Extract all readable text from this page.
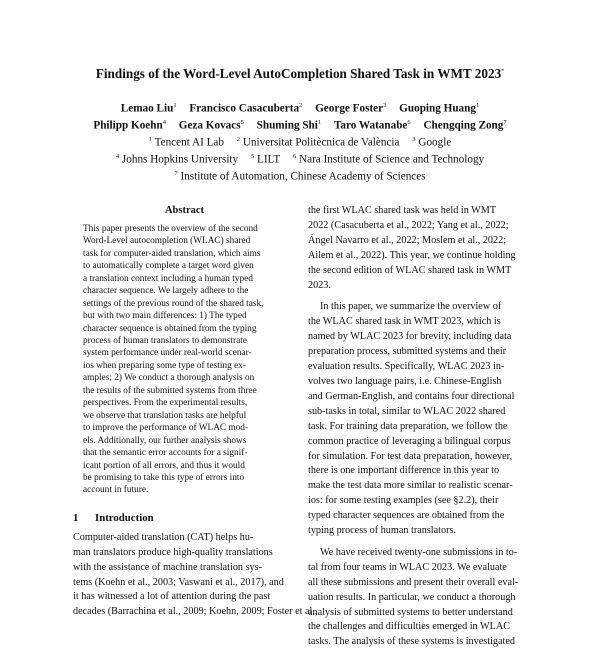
Findings of the Word-Level AutoCompletion Shared Task in WMT 2023*
Lemao Liu$^1$ Francisco Casacuberta$^2$ George Foster$^3$ Guoping Huang$^1$
Philipp Koehn$^4$ Geza Kovacs$^5$ Shuming Shi$^1$ Taro Watanabe$^6$ Chengqing Zong$^7$
$^1$ Tencent AI Lab $^2$ Universitat Politècnica de València $^3$ Google
$^4$ Johns Hopkins University $^5$ LILT $^6$ Nara Institute of Science and Technology
$^7$ Institute of Automation, Chinese Academy of Sciences
Abstract
This paper presents the overview of the second
Word-Level autocompletion (WLAC) shared
task for computer-aided translation, which aims
to automatically complete a target word given
a translation context including a human typed
character sequence. We largely adhere to the
settings of the previous round of the shared task,
but with two main differences: 1) The typed
character sequence is obtained from the typing
process of human translators to demonstrate
system performance under real-world scenar-
ios when preparing some type of testing ex-
amples; 2) We conduct a thorough analysis on
the results of the submitted systems from three
perspectives. From the experimental results,
we observe that translation tasks are helpful
to improve the performance of WLAC mod-
els. Additionally, our further analysis shows
that the semantic error accounts for a signif-
icant portion of all errors, and thus it would
be promising to take this type of errors into
account in future.
1 Introduction
Computer-aided translation (CAT) helps hu-
man translators produce high-quality translations
with the assistance of machine translation sys-
tems (Koehn et al., 2003; Vaswani et al., 2017), and
it has witnessed a lot of attention during the past
decades (Barrachina et al., 2009; Koehn, 2009; Foster et al.,
the first WLAC shared task was held in WMT
2022 (Casacuberta et al., 2022; Yang et al., 2022;
Ángel Navarro et al., 2022; Moslem et al., 2022;
Ailem et al., 2022). This year, we continue holding
the second edition of WLAC shared task in WMT
2023.
In this paper, we summarize the overview of
the WLAC shared task in WMT 2023, which is
named by WLAC 2023 for brevity, including data
preparation process, submitted systems and their
evaluation results. Specifically, WLAC 2023 in-
volves two language pairs, i.e. Chinese-English
and German-English, and contains four directional
sub-tasks in total, similar to WLAC 2022 shared
task. For training data preparation, we follow the
common practice of leveraging a bilingual corpus
for simulation. For test data preparation, however,
there is one important difference in this year to
make the test data more similar to realistic scenar-
ios: for some testing examples (see §2.2), their
typed character sequences are obtained from the
typing process of human translators.
We have received twenty-one submissions in to-
tal from four teams in WLAC 2023. We evaluate
all these submissions and present their overall eval-
uation results. In particular, we conduct a thorough
analysis of submitted systems to better understand
the challenges and difficulties emerged in WLAC
tasks. The analysis of these systems is investigated
